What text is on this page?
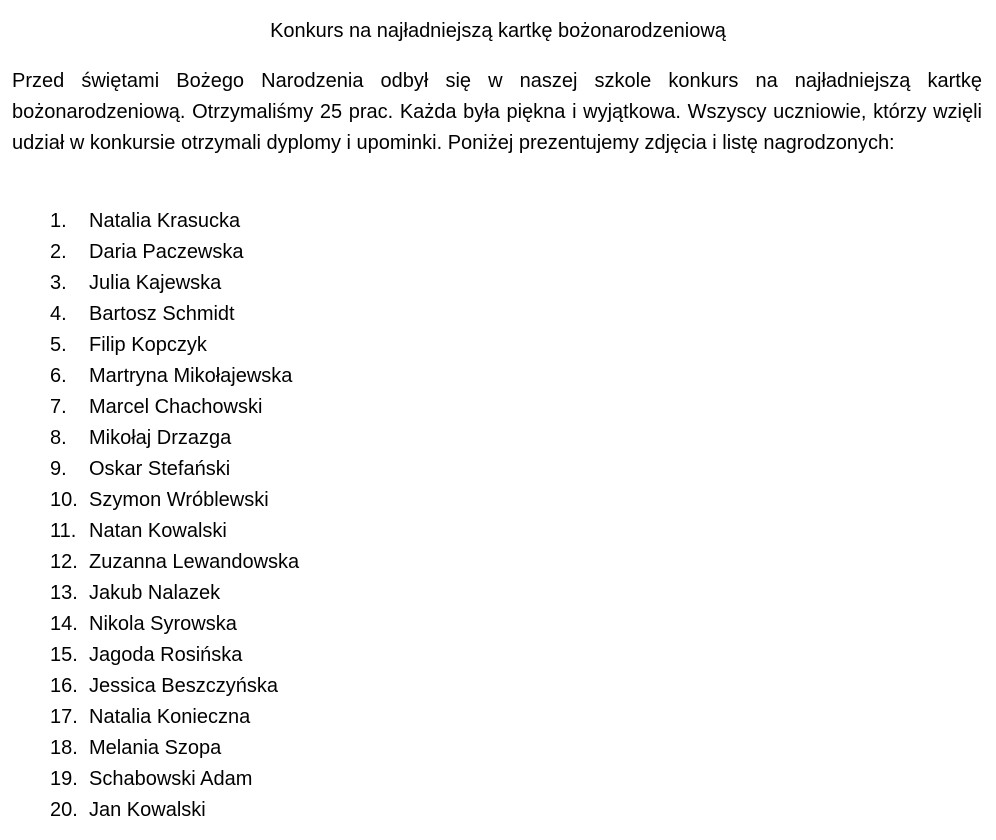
Konkurs na najładniejszą kartkę bożonarodzeniową

Przed świętami Bożego Narodzenia odbył się w naszej szkole konkurs na najładniejszą kartkę bożonarodzeniową. Otrzymaliśmy 25 prac. Każda była piękna i wyjątkowa. Wszyscy uczniowie, którzy wzięli udział w konkursie otrzymali dyplomy i upominki. Poniżej prezentujemy zdjęcia i listę nagrodzonych:

1. Natalia Krasucka
2. Daria Paczewska
3. Julia Kajewska
4. Bartosz Schmidt
5. Filip Kopczyk
6. Martryna Mikołajewska
7. Marcel Chachowski
8. Mikołaj Drzazga
9. Oskar Stefański
10. Szymon Wróblewski
11. Natan Kowalski
12. Zuzanna Lewandowska
13. Jakub Nalazek
14. Nikola Syrowska
15. Jagoda Rosińska
16. Jessica Beszczyńska
17. Natalia Konieczna
18. Melania Szopa
19. Schabowski Adam
20. Jan Kowalski
